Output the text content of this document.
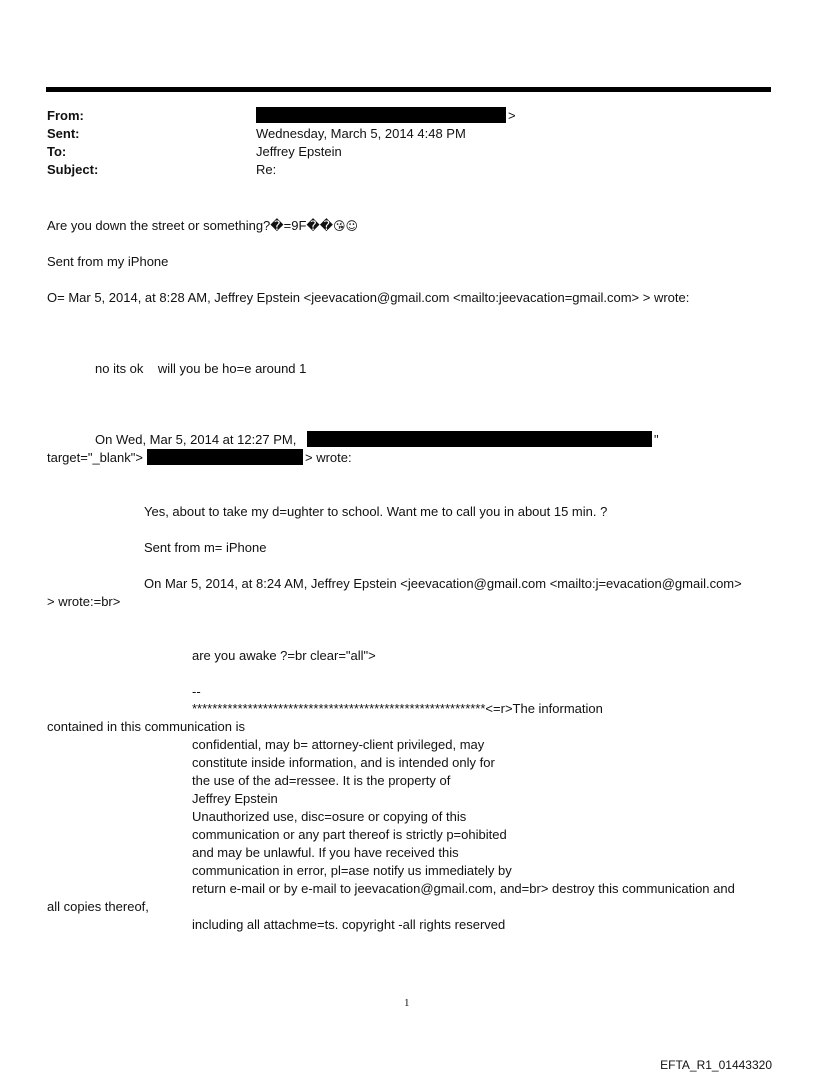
From:	>
Sent:	Wednesday, March 5, 2014 4:48 PM
To:	Jeffrey Epstein
Subject:	Re:
Are you down the street or something?�=9F��😘☺
Sent from my iPhone
O= Mar 5, 2014, at 8:28 AM, Jeffrey Epstein <jeevacation@gmail.com <mailto:jeevacation=gmail.com> > wrote:
no its ok    will you be ho=e around 1
On Wed, Mar 5, 2014 at 12:27 PM,	"
target="_blank">	> wrote:
Yes, about to take my d=ughter to school. Want me to call you in about 15 min. ?
Sent from m= iPhone
On Mar 5, 2014, at 8:24 AM, Jeffrey Epstein <jeevacation@gmail.com <mailto:j=evacation@gmail.com>
> wrote:=br>
are you awake ?=br clear="all">
--
**********************************************************<=r>The information
contained in this communication is
confidential, may b= attorney-client privileged, may
constitute inside information, and is intended only for
the use of the ad=ressee. It is the property of
Jeffrey Epstein
Unauthorized use, disc=osure or copying of this
communication or any part thereof is strictly p=ohibited
and may be unlawful. If you have received this
communication in error, pl=ase notify us immediately by
return e-mail or by e-mail to jeevacation@gmail.com, and=br> destroy this communication and
all copies thereof,
including all attachme=ts. copyright -all rights reserved
1
EFTA_R1_01443320
